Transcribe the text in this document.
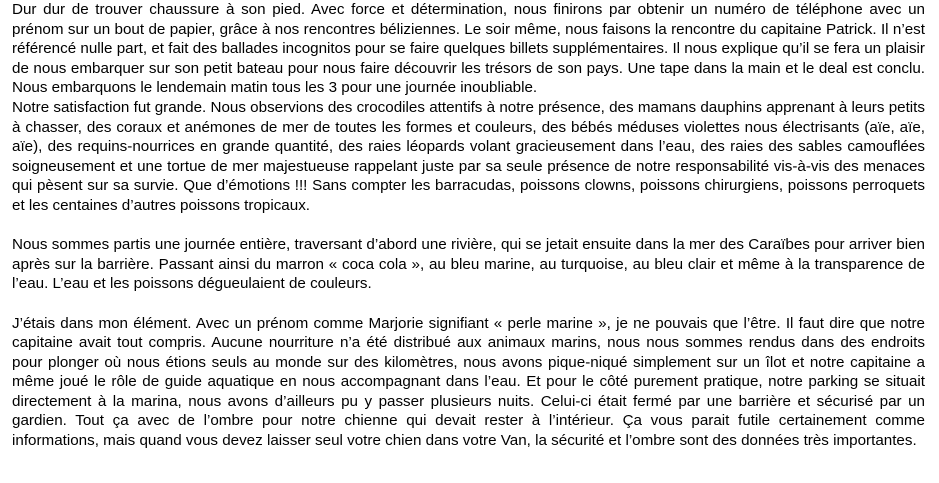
Dur dur de trouver chaussure à son pied. Avec force et détermination, nous finirons par obtenir un numéro de téléphone avec un prénom sur un bout de papier, grâce à nos rencontres béliziennes. Le soir même, nous faisons la rencontre du capitaine Patrick. Il n’est référencé nulle part, et fait des ballades incognitos pour se faire quelques billets supplémentaires. Il nous explique qu’il se fera un plaisir de nous embarquer sur son petit bateau pour nous faire découvrir les trésors de son pays. Une tape dans la main et le deal est conclu. Nous embarquons le lendemain matin tous les 3 pour une journée inoubliable.

Notre satisfaction fut grande. Nous observions des crocodiles attentifs à notre présence, des mamans dauphins apprenant à leurs petits à chasser, des coraux et anémones de mer de toutes les formes et couleurs, des bébés méduses violettes nous électrisants (aïe, aïe, aïe), des requins-nourrices en grande quantité, des raies léopards volant gracieusement dans l’eau, des raies des sables camouflées soigneusement et une tortue de mer majestueuse rappelant juste par sa seule présence de notre responsabilité vis-à-vis des menaces qui pèsent sur sa survie. Que d’émotions !!! Sans compter les barracudas, poissons clowns, poissons chirurgiens, poissons perroquets et les centaines d’autres poissons tropicaux.

Nous sommes partis une journée entière, traversant d’abord une rivière, qui se jetait ensuite dans la mer des Caraïbes pour arriver bien après sur la barrière. Passant ainsi du marron « coca cola », au bleu marine, au turquoise, au bleu clair et même à la transparence de l’eau. L’eau et les poissons dégueulaient de couleurs.

J’étais dans mon élément. Avec un prénom comme Marjorie signifiant « perle marine », je ne pouvais que l’être. Il faut dire que notre capitaine avait tout compris. Aucune nourriture n’a été distribué aux animaux marins, nous nous sommes rendus dans des endroits pour plonger où nous étions seuls au monde sur des kilomètres, nous avons pique-niqué simplement sur un îlot et notre capitaine a même joué le rôle de guide aquatique en nous accompagnant dans l’eau. Et pour le côté purement pratique, notre parking se situait directement à la marina, nous avons d’ailleurs pu y passer plusieurs nuits. Celui-ci était fermé par une barrière et sécurisé par un gardien. Tout ça avec de l’ombre pour notre chienne qui devait rester à l’intérieur. Ça vous parait futile certainement comme informations, mais quand vous devez laisser seul votre chien dans votre Van, la sécurité et l’ombre sont des données très importantes.
